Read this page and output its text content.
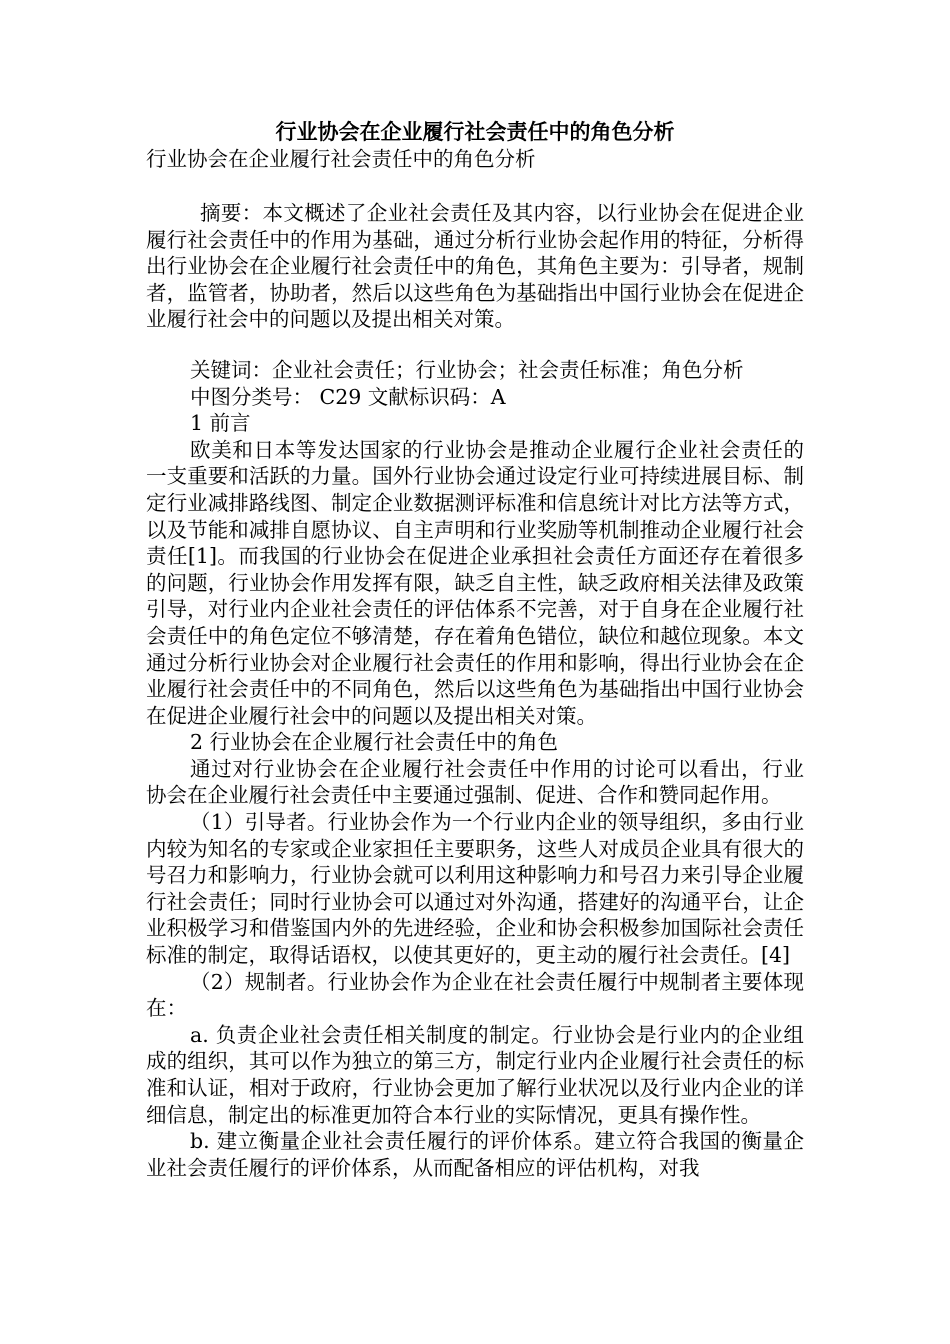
行业协会在企业履行社会责任中的角色分析
行业协会在企业履行社会责任中的角色分析

摘要：本文概述了企业社会责任及其内容，以行业协会在促进企业履行社会责任中的作用为基础，通过分析行业协会起作用的特征，分析得出行业协会在企业履行社会责任中的角色，其角色主要为：引导者，规制者，监管者，协助者，然后以这些角色为基础指出中国行业协会在促进企业履行社会中的问题以及提出相关对策。

关键词：企业社会责任；行业协会；社会责任标准；角色分析

中图分类号： C29 文献标识码：A

1 前言

欧美和日本等发达国家的行业协会是推动企业履行企业社会责任的一支重要和活跃的力量。国外行业协会通过设定行业可持续进展目标、制定行业减排路线图、制定企业数据测评标准和信息统计对比方法等方式，以及节能和减排自愿协议、自主声明和行业奖励等机制推动企业履行社会责任[1]。而我国的行业协会在促进企业承担社会责任方面还存在着很多的问题，行业协会作用发挥有限，缺乏自主性，缺乏政府相关法律及政策引导，对行业内企业社会责任的评估体系不完善，对于自身在企业履行社会责任中的角色定位不够清楚，存在着角色错位，缺位和越位现象。本文通过分析行业协会对企业履行社会责任的作用和影响，得出行业协会在企业履行社会责任中的不同角色，然后以这些角色为基础指出中国行业协会在促进企业履行社会中的问题以及提出相关对策。

2 行业协会在企业履行社会责任中的角色

通过对行业协会在企业履行社会责任中作用的讨论可以看出，行业协会在企业履行社会责任中主要通过强制、促进、合作和赞同起作用。

（1）引导者。行业协会作为一个行业内企业的领导组织，多由行业内较为知名的专家或企业家担任主要职务，这些人对成员企业具有很大的号召力和影响力，行业协会就可以利用这种影响力和号召力来引导企业履行社会责任；同时行业协会可以通过对外沟通，搭建好的沟通平台，让企业积极学习和借鉴国内外的先进经验，企业和协会积极参加国际社会责任标准的制定，取得话语权，以使其更好的，更主动的履行社会责任。[4]

（2）规制者。行业协会作为企业在社会责任履行中规制者主要体现在：

a. 负责企业社会责任相关制度的制定。行业协会是行业内的企业组成的组织，其可以作为独立的第三方，制定行业内企业履行社会责任的标准和认证，相对于政府，行业协会更加了解行业状况以及行业内企业的详细信息，制定出的标准更加符合本行业的实际情况，更具有操作性。

b. 建立衡量企业社会责任履行的评价体系。建立符合我国的衡量企业社会责任履行的评价体系，从而配备相应的评估机构，对我
